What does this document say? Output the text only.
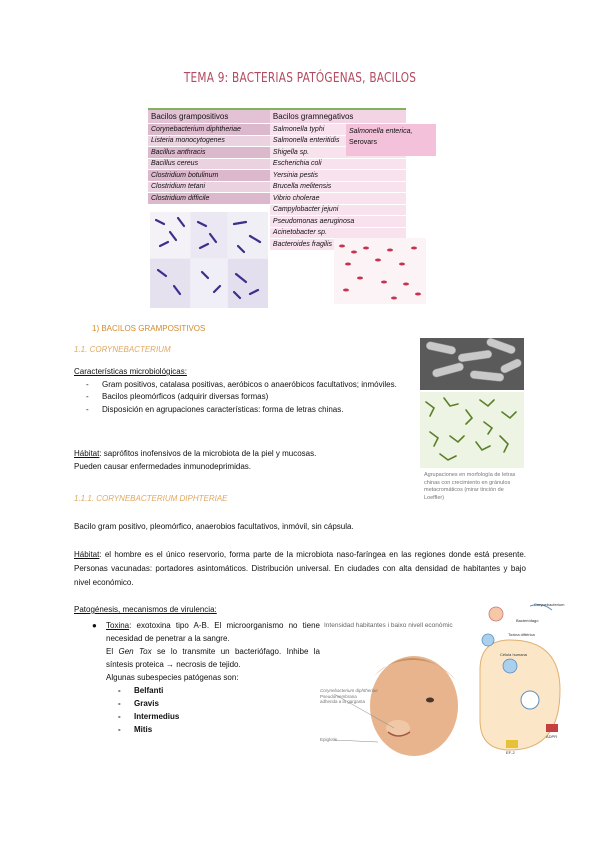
TEMA 9: BACTERIAS PATÓGENAS, BACILOS
Bacilos grampositivos	Bacilos gramnegativos
Corynebacterium diphtheriae	Salmonella typhi
Listeria monocytogenes	Salmonella enteritidis
Bacillus anthracis	Shigella sp.
Bacillus cereus	Escherichia coli
Clostridium botulinum	Yersinia pestis
Clostridium tetani	Brucella melitensis
Clostridium difficile	Vibrio cholerae
	Campylobacter jejuni
	Pseudomonas aeruginosa
	Acinetobacter sp.
	Bacteroides fragilis
Salmonella enterica,
Serovars
1) BACILOS GRAMPOSITIVOS
1.1. CORYNEBACTERIUM
Agrupaciones en morfología de letras chinas con crecimiento en gránulos metacromáticos (mirar tinción de Loeffler)
Características microbiológicas:
- Gram positivos, catalasa positivas, aeróbicos o anaeróbicos facultativos; inmóviles.
- Bacilos pleomórficos (adquirir diversas formas)
- Disposición en agrupaciones características: forma de letras chinas.
Hábitat: saprófitos inofensivos de la microbiota de la piel y mucosas.
Pueden causar enfermedades inmunodeprimidas.
1.1.1. CORYNEBACTERIUM DIPHTERIAE
Bacilo gram positivo, pleomórfico, anaerobios facultativos, inmóvil, sin cápsula.
Hábitat: el hombre es el único reservorio, forma parte de la microbiota naso-faríngea en las regiones donde está presente. Personas vacunadas: portadores asintomáticos. Distribución universal. En ciudades con alta densidad de habitantes y bajo nivel económico.
Patogénesis, mecanismos de virulencia:
● Toxina: exotoxina tipo A-B. El microorganismo no tiene necesidad de penetrar a la sangre.
El Gen Tox se lo transmite un bacteriófago. Inhibe la síntesis proteica → necrosis de tejido.
Algunas subespecies patógenas son:
- Belfanti
- Gravis
- Intermedius
- Mitis
Intensidad habitantes i baixo nivell econòmic
Corynebacterium diphtheriae
Pseudomembrana
adherida a la garganta
Epiglotis
Corynebacterium
Toxina diftérica
Bacteriófago
Célula humana
EF-2
ADPR
